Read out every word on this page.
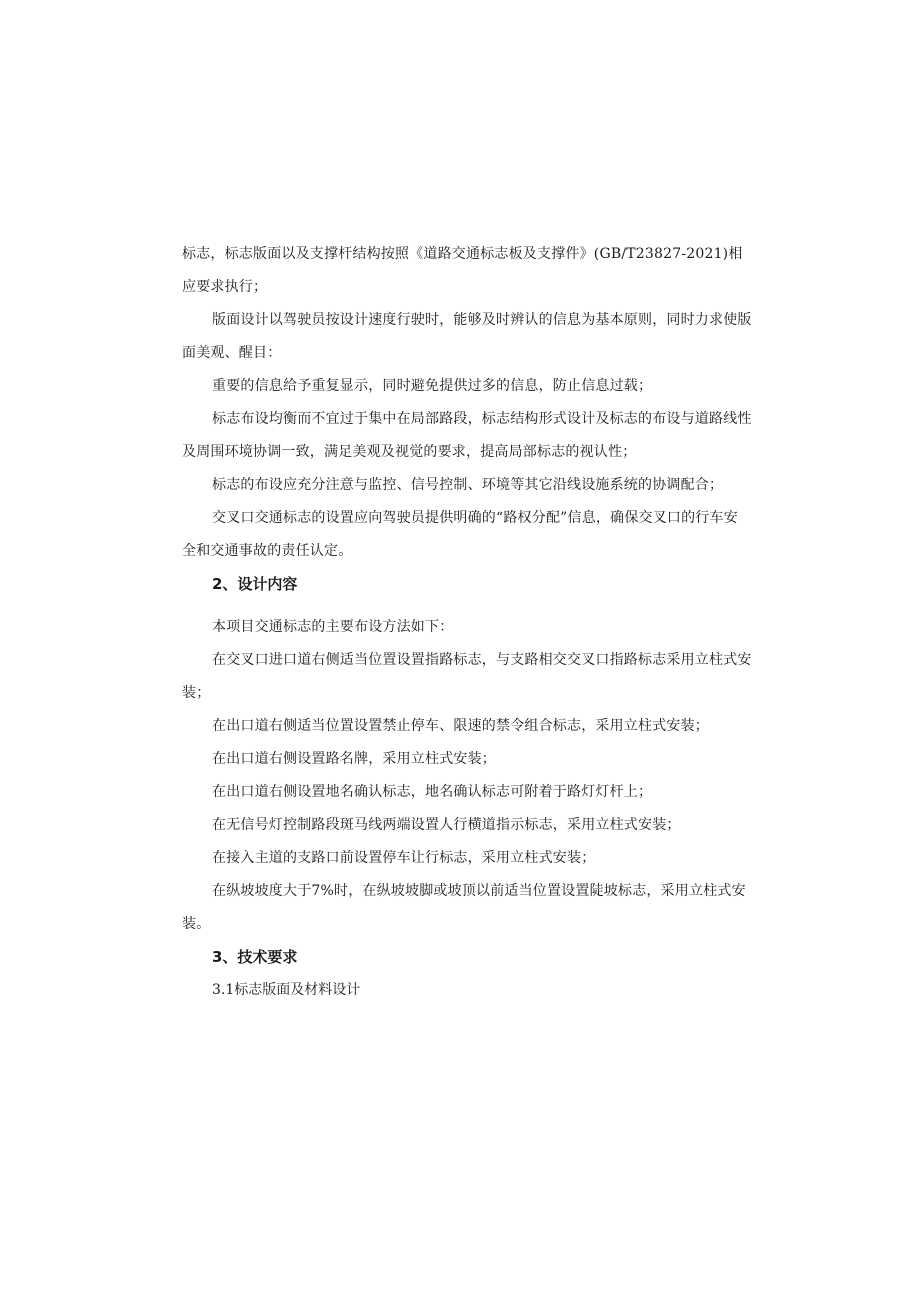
标志，标志版面以及支撑杆结构按照《道路交通标志板及支撑件》(GB/T23827-2021)相应要求执行；

版面设计以驾驶员按设计速度行驶时，能够及时辨认的信息为基本原则，同时力求使版面美观、醒目：

重要的信息给予重复显示，同时避免提供过多的信息，防止信息过载；

标志布设均衡而不宜过于集中在局部路段，标志结构形式设计及标志的布设与道路线性及周围环境协调一致，满足美观及视觉的要求，提高局部标志的视认性；

标志的布设应充分注意与监控、信号控制、环境等其它沿线设施系统的协调配合；

交叉口交通标志的设置应向驾驶员提供明确的“路权分配”信息，确保交叉口的行车安全和交通事故的责任认定。

2、设计内容

本项目交通标志的主要布设方法如下：

在交叉口进口道右侧适当位置设置指路标志，与支路相交交叉口指路标志采用立柱式安装；

在出口道右侧适当位置设置禁止停车、限速的禁令组合标志，采用立柱式安装；

在出口道右侧设置路名牌，采用立柱式安装；

在出口道右侧设置地名确认标志，地名确认标志可附着于路灯灯杆上；

在无信号灯控制路段斑马线两端设置人行横道指示标志，采用立柱式安装；

在接入主道的支路口前设置停车让行标志，采用立柱式安装；

在纵坡坡度大于7%时，在纵坡坡脚或坡顶以前适当位置设置陡坡标志，采用立柱式安装。

3、技术要求

3.1标志版面及材料设计
